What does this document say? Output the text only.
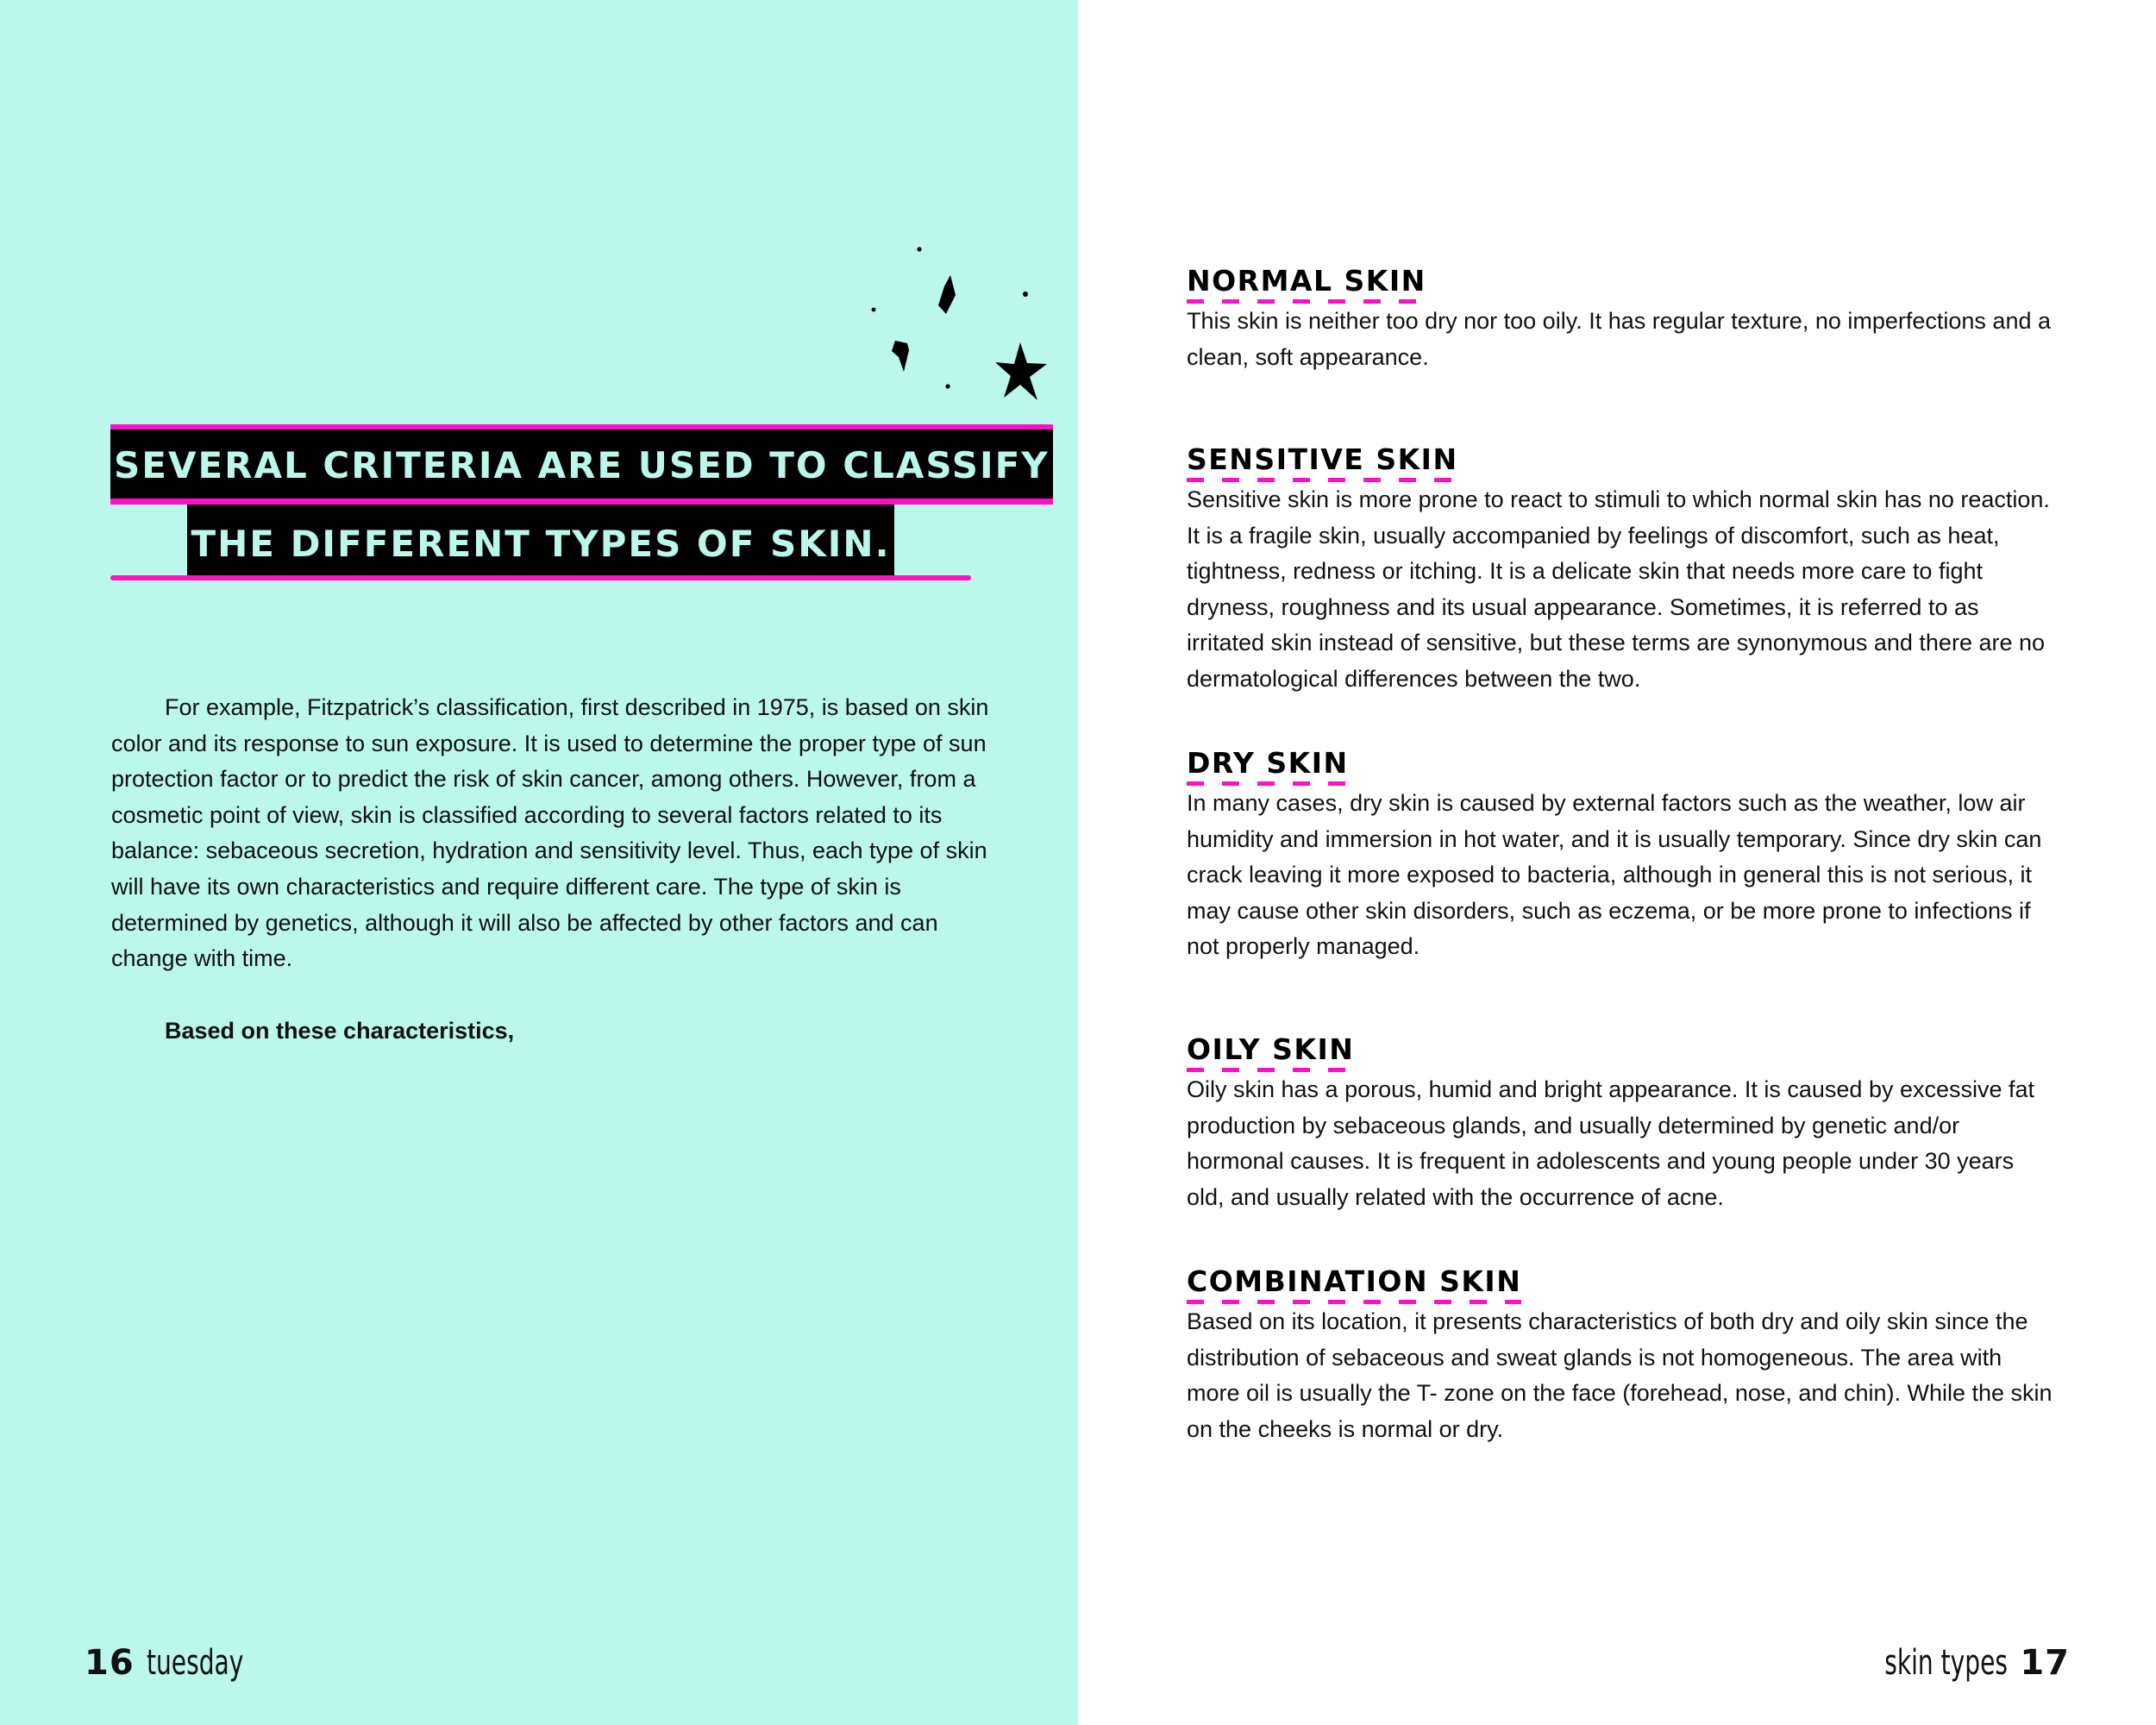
SEVERAL CRITERIA ARE USED TO CLASSIFY
THE DIFFERENT TYPES OF SKIN.

For example, Fitzpatrick’s classification, first described in 1975, is based on skin color and its response to sun exposure. It is used to determine the proper type of sun protection factor or to predict the risk of skin cancer, among others. However, from a cosmetic point of view, skin is classified according to several factors related to its balance: sebaceous secretion, hydration and sensitivity level. Thus, each type of skin will have its own characteristics and require different care. The type of skin is determined by genetics, although it will also be affected by other factors and can change with time.

Based on these characteristics,

16 tuesday	skin types 17
NORMAL SKIN

This skin is neither too dry nor too oily. It has regular texture, no imperfections and a clean, soft appearance.

SENSITIVE SKIN

Sensitive skin is more prone to react to stimuli to which normal skin has no reaction. It is a fragile skin, usually accompanied by feelings of discomfort, such as heat, tightness, redness or itching. It is a delicate skin that needs more care to fight dryness, roughness and its usual appearance. Sometimes, it is referred to as irritated skin instead of sensitive, but these terms are synonymous and there are no dermatological differences between the two.

DRY SKIN

In many cases, dry skin is caused by external factors such as the weather, low air humidity and immersion in hot water, and it is usually temporary. Since dry skin can crack leaving it more exposed to bacteria, although in general this is not serious, it may cause other skin disorders, such as eczema, or be more prone to infections if not properly managed.

OILY SKIN

Oily skin has a porous, humid and bright appearance. It is caused by excessive fat production by sebaceous glands, and usually determined by genetic and/or hormonal causes. It is frequent in adolescents and young people under 30 years old, and usually related with the occurrence of acne.

COMBINATION SKIN

Based on its location, it presents characteristics of both dry and oily skin since the distribution of sebaceous and sweat glands is not homogeneous. The area with more oil is usually the T- zone on the face (forehead, nose, and chin). While the skin on the cheeks is normal or dry.
